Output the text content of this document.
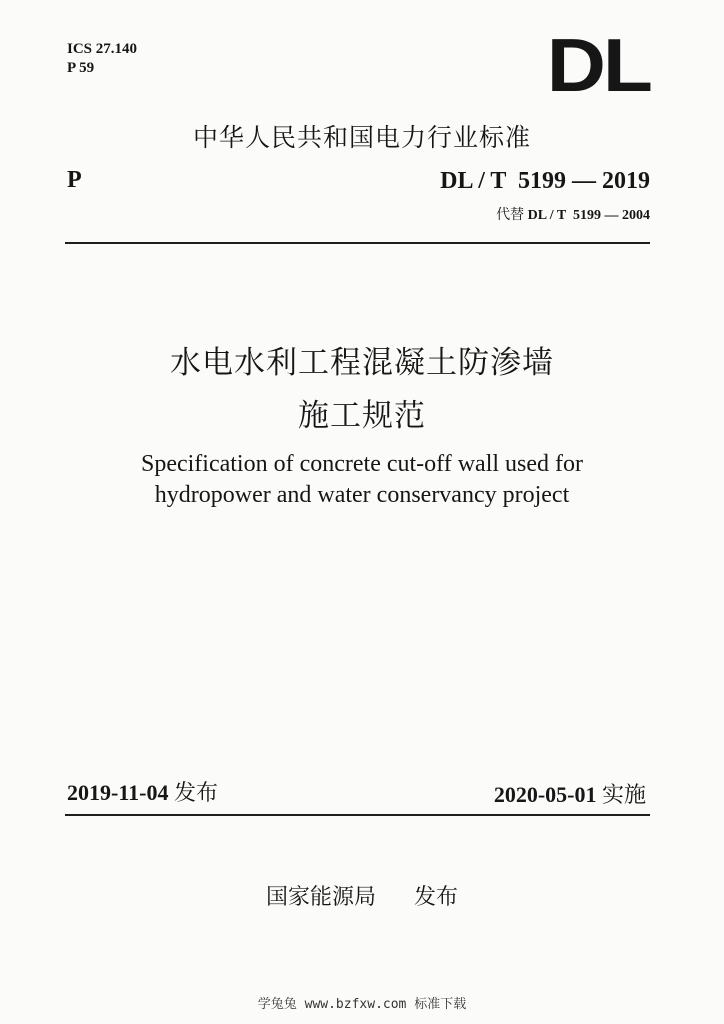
ICS 27.140
P 59	DL
中华人民共和国电力行业标准
P	DL / T  5199 — 2019
代替 DL / T  5199 — 2004
水电水利工程混凝土防渗墙
施工规范
Specification of concrete cut-off wall used for
hydropower and water conservancy project
2019-11-04 发布	2020-05-01 实施
国家能源局 发布
学兔兔 www.bzfxw.com 标准下载
